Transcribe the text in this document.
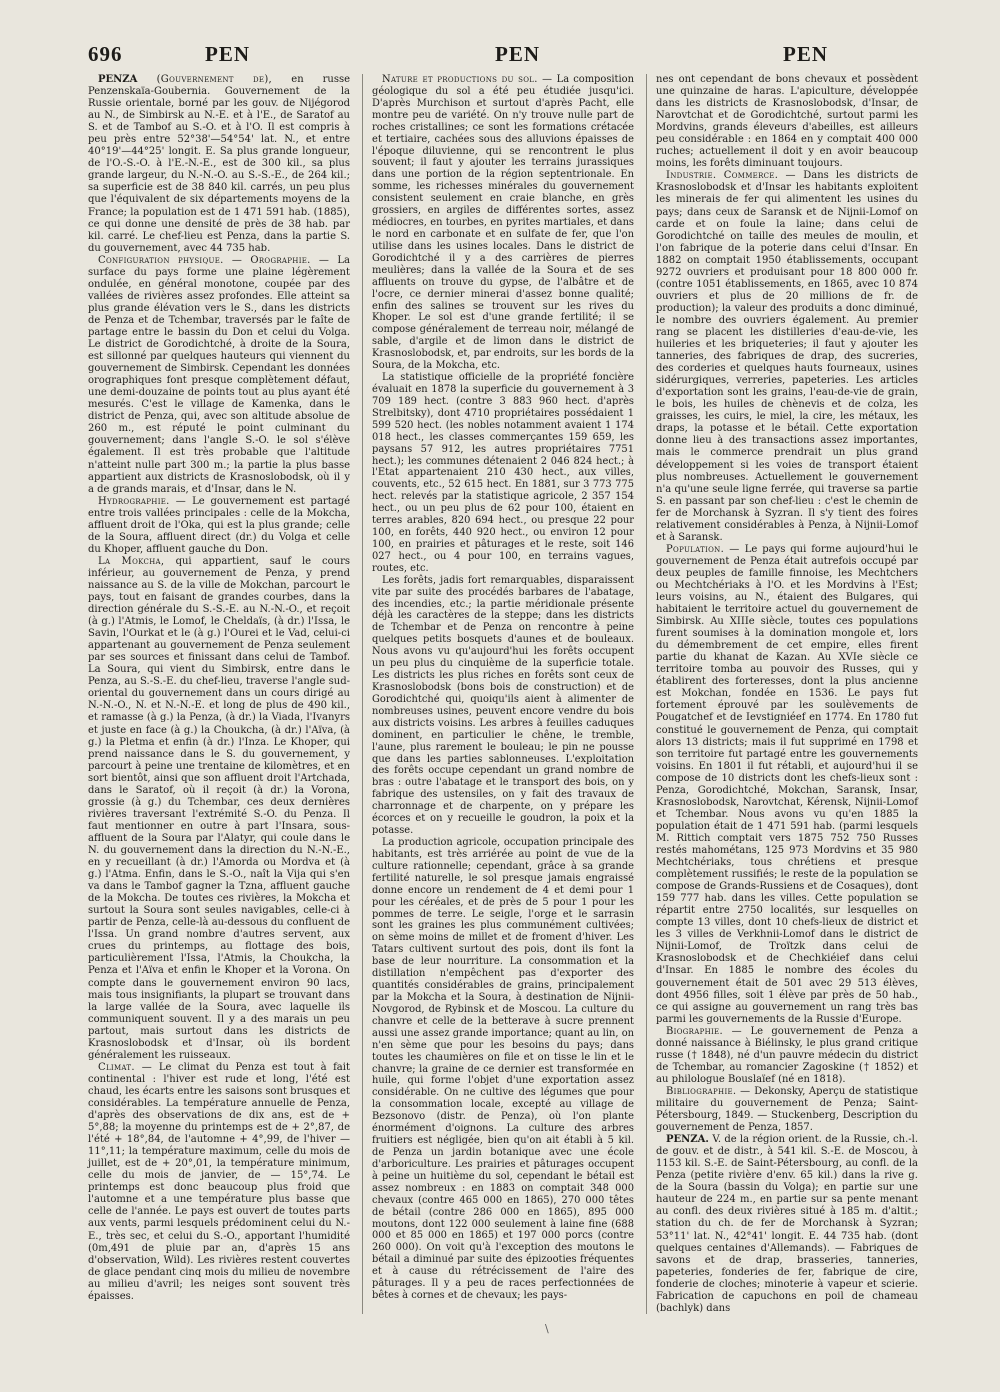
696	PEN	PEN	PEN

PENZA (Gouvernement de), en russe Penzenskaïa-Goubernia. Gouvernement de la Russie orientale, borné par les gouv. de Nijégorod au N., de Simbirsk au N.-E. et à l'E., de Saratof au S. et de Tambof au S.-O. et à l'O. Il est compris à peu près entre 52°38'—54°54' lat. N., et entre 40°19'—44°25' longit. E. Sa plus grande longueur, de l'O.-S.-O. à l'E.-N.-E., est de 300 kil., sa plus grande largeur, du N.-N.-O. au S.-S.-E., de 264 kil.; sa superficie est de 38 840 kil. carrés, un peu plus que l'équivalent de six départements moyens de la France; la population est de 1 471 591 hab. (1885), ce qui donne une densité de près de 38 hab. par kil. carré. Le chef-lieu est Penza, dans la partie S. du gouvernement, avec 44 735 hab.

Configuration physique. — Orographie. — La surface du pays forme une plaine légèrement ondulée, en général monotone, coupée par des vallées de rivières assez profondes. Elle atteint sa plus grande élévation vers le S., dans les districts de Penza et de Tchembar, traversés par le faîte de partage entre le bassin du Don et celui du Volga. Le district de Gorodichtché, à droite de la Soura, est sillonné par quelques hauteurs qui viennent du gouvernement de Simbirsk. Cependant les données orographiques font presque complètement défaut, une demi-douzaine de points tout au plus ayant été mesurés. C'est le village de Kamenka, dans le district de Penza, qui, avec son altitude absolue de 260 m., est réputé le point culminant du gouvernement; dans l'angle S.-O. le sol s'élève également. Il est très probable que l'altitude n'atteint nulle part 300 m.; la partie la plus basse appartient aux districts de Krasnoslobodsk, où il y a de grands marais, et d'Insar, dans le N.

Hydrographie. — Le gouvernement est partagé entre trois vallées principales : celle de la Mokcha, affluent droit de l'Oka, qui est la plus grande; celle de la Soura, affluent direct (dr.) du Volga et celle du Khoper, affluent gauche du Don.

La Mokcha, qui appartient, sauf le cours inférieur, au gouvernement de Penza, y prend naissance au S. de la ville de Mokchan, parcourt le pays, tout en faisant de grandes courbes, dans la direction générale du S.-S.-E. au N.-N.-O., et reçoit (à g.) l'Atmis, le Lomof, le Cheldaïs, (à dr.) l'Issa, le Savin, l'Ourkat et le (à g.) l'Ourei et le Vad, celui-ci appartenant au gouvernement de Penza seulement par ses sources et finissant dans celui de Tambof. La Soura, qui vient du Simbirsk, entre dans le Penza, au S.-S.-E. du chef-lieu, traverse l'angle sud-oriental du gouvernement dans un cours dirigé au N.-N.-O., N. et N.-N.-E. et long de plus de 490 kil., et ramasse (à g.) la Penza, (à dr.) la Viada, l'Ivanyrs et juste en face (à g.) la Choukcha, (à dr.) l'Aïva, (à g.) la Pletma et enfin (à dr.) l'Inza. Le Khoper, qui prend naissance dans le S. du gouvernement, y parcourt à peine une trentaine de kilomètres, et en sort bientôt, ainsi que son affluent droit l'Artchada, dans le Saratof, où il reçoit (à dr.) la Vorona, grossie (à g.) du Tchembar, ces deux dernières rivières traversant l'extrémité S.-O. du Penza. Il faut mentionner en outre à part l'Insara, sous-affluent de la Soura par l'Alatyr, qui coule dans le N. du gouvernement dans la direction du N.-N.-E., en y recueillant (à dr.) l'Amorda ou Mordva et (à g.) l'Atma. Enfin, dans le S.-O., naît la Vija qui s'en va dans le Tambof gagner la Tzna, affluent gauche de la Mokcha. De toutes ces rivières, la Mokcha et surtout la Soura sont seules navigables, celle-ci à partir de Penza, celle-là au-dessous du confluent de l'Issa. Un grand nombre d'autres servent, aux crues du printemps, au flottage des bois, particulièrement l'Issa, l'Atmis, la Choukcha, la Penza et l'Aïva et enfin le Khoper et la Vorona. On compte dans le gouvernement environ 90 lacs, mais tous insignifiants, la plupart se trouvant dans la large vallée de la Soura, avec laquelle ils communiquent souvent. Il y a des marais un peu partout, mais surtout dans les districts de Krasnoslobodsk et d'Insar, où ils bordent généralement les ruisseaux.

Climat. — Le climat du Penza est tout à fait continental : l'hiver est rude et long, l'été est chaud, les écarts entre les saisons sont brusques et considérables. La température annuelle de Penza, d'après des observations de dix ans, est de + 5°,88; la moyenne du printemps est de + 2°,87, de l'été + 18°,84, de l'automne + 4°,99, de l'hiver — 11°,11; la température maximum, celle du mois de juillet, est de + 20°,01, la température minimum, celle du mois de janvier, de — 15°,74. Le printemps est donc beaucoup plus froid que l'automne et a une température plus basse que celle de l'année. Le pays est ouvert de toutes parts aux vents, parmi lesquels prédominent celui du N.-E., très sec, et celui du S.-O., apportant l'humidité (0m,491 de pluie par an, d'après 15 ans d'observation, Wild). Les rivières restent couvertes de glace pendant cinq mois du milieu de novembre au milieu d'avril; les neiges sont souvent très épaisses.

Nature et productions du sol. — La composition géologique du sol a été peu étudiée jusqu'ici. D'après Murchison et surtout d'après Pacht, elle montre peu de variété. On n'y trouve nulle part de roches cristallines; ce sont les formations crétacée et tertiaire, cachées sous des alluvions épaisses de l'époque diluvienne, qui se rencontrent le plus souvent; il faut y ajouter les terrains jurassiques dans une portion de la région septentrionale. En somme, les richesses minérales du gouvernement consistent seulement en craie blanche, en grès grossiers, en argiles de différentes sortes, assez médiocres, en tourbes, en pyrites martiales, et dans le nord en carbonate et en sulfate de fer, que l'on utilise dans les usines locales. Dans le district de Gorodichtché il y a des carrières de pierres meulières; dans la vallée de la Soura et de ses affluents on trouve du gypse, de l'albâtre et de l'ocre, ce dernier minerai d'assez bonne qualité; enfin des salines se trouvent sur les rives du Khoper. Le sol est d'une grande fertilité; il se compose généralement de terreau noir, mélangé de sable, d'argile et de limon dans le district de Krasnoslobodsk, et, par endroits, sur les bords de la Soura, de la Mokcha, etc.

La statistique officielle de la propriété foncière évaluait en 1878 la superficie du gouvernement à 3 709 189 hect. (contre 3 883 960 hect. d'après Strelbitsky), dont 4710 propriétaires possédaient 1 599 520 hect. (les nobles notamment avaient 1 174 018 hect., les classes commerçantes 159 659, les paysans 57 912, les autres propriétaires 7751 hect.); les communes détenaient 2 046 824 hect.; à l'Etat appartenaient 210 430 hect., aux villes, couvents, etc., 52 615 hect. En 1881, sur 3 773 775 hect. relevés par la statistique agricole, 2 357 154 hect., ou un peu plus de 62 pour 100, étaient en terres arables, 820 694 hect., ou presque 22 pour 100, en forêts, 440 920 hect., ou environ 12 pour 100, en prairies et pâturages et le reste, soit 146 027 hect., ou 4 pour 100, en terrains vagues, routes, etc.

Les forêts, jadis fort remarquables, disparaissent vite par suite des procédés barbares de l'abatage, des incendies, etc.; la partie méridionale présente déjà les caractères de la steppe; dans les districts de Tchembar et de Penza on rencontre à peine quelques petits bosquets d'aunes et de bouleaux. Nous avons vu qu'aujourd'hui les forêts occupent un peu plus du cinquième de la superficie totale. Les districts les plus riches en forêts sont ceux de Krasnoslobodsk (bons bois de construction) et de Gorodichtché qui, quoiqu'ils aient à alimenter de nombreuses usines, peuvent encore vendre du bois aux districts voisins. Les arbres à feuilles caduques dominent, en particulier le chêne, le tremble, l'aune, plus rarement le bouleau; le pin ne pousse que dans les parties sablonneuses. L'exploitation des forêts occupe cependant un grand nombre de bras : outre l'abatage et le transport des bois, on y fabrique des ustensiles, on y fait des travaux de charronnage et de charpente, on y prépare les écorces et on y recueille le goudron, la poix et la potasse.

La production agricole, occupation principale des habitants, est très arriérée au point de vue de la culture rationnelle; cependant, grâce à sa grande fertilité naturelle, le sol presque jamais engraissé donne encore un rendement de 4 et demi pour 1 pour les céréales, et de près de 5 pour 1 pour les pommes de terre. Le seigle, l'orge et le sarrasin sont les graines les plus communément cultivées; on sème moins de millet et de froment d'hiver. Les Tatars cultivent surtout des pois, dont ils font la base de leur nourriture. La consommation et la distillation n'empêchent pas d'exporter des quantités considérables de grains, principalement par la Mokcha et la Soura, à destination de Nijnii-Novgorod, de Rybinsk et de Moscou. La culture du chanvre et celle de la betterave à sucre prennent aussi une assez grande importance; quant au lin, on n'en sème que pour les besoins du pays; dans toutes les chaumières on file et on tisse le lin et le chanvre; la graine de ce dernier est transformée en huile, qui forme l'objet d'une exportation assez considérable. On ne cultive des légumes que pour la consommation locale, excepté au village de Bezsonovo (distr. de Penza), où l'on plante énormément d'oignons. La culture des arbres fruitiers est négligée, bien qu'on ait établi à 5 kil. de Penza un jardin botanique avec une école d'arboriculture. Les prairies et pâturages occupent à peine un huitième du sol, cependant le bétail est assez nombreux : en 1883 on comptait 348 000 chevaux (contre 465 000 en 1865), 270 000 têtes de bétail (contre 286 000 en 1865), 895 000 moutons, dont 122 000 seulement à laine fine (688 000 et 85 000 en 1865) et 197 000 porcs (contre 260 000). On voit qu'à l'exception des moutons le bétail a diminué par suite des épizooties fréquentes et à cause du rétrécissement de l'aire des pâturages. Il y a peu de races perfectionnées de bêtes à cornes et de chevaux; les pays-

nes ont cependant de bons chevaux et possèdent une quinzaine de haras. L'apiculture, développée dans les districts de Krasnoslobodsk, d'Insar, de Narovtchat et de Gorodichtché, surtout parmi les Mordvins, grands éleveurs d'abeilles, est ailleurs peu considérable : en 1864 en y comptait 400 000 ruches; actuellement il doit y en avoir beaucoup moins, les forêts diminuant toujours.

Industrie. Commerce. — Dans les districts de Krasnoslobodsk et d'Insar les habitants exploitent les minerais de fer qui alimentent les usines du pays; dans ceux de Saransk et de Nijnii-Lomof on carde et on foule la laine; dans celui de Gorodichtché on taille des meules de moulin, et l'on fabrique de la poterie dans celui d'Insar. En 1882 on comptait 1950 établissements, occupant 9272 ouvriers et produisant pour 18 800 000 fr. (contre 1051 établissements, en 1865, avec 10 874 ouvriers et plus de 20 millions de fr. de production); la valeur des produits a donc diminué, le nombre des ouvriers également. Au premier rang se placent les distilleries d'eau-de-vie, les huileries et les briqueteries; il faut y ajouter les tanneries, des fabriques de drap, des sucreries, des corderies et quelques hauts fourneaux, usines sidérurgiques, verreries, papeteries. Les articles d'exportation sont les grains, l'eau-de-vie de grain, le bois, les huiles de chènevis et de colza, les graisses, les cuirs, le miel, la cire, les métaux, les draps, la potasse et le bétail. Cette exportation donne lieu à des transactions assez importantes, mais le commerce prendrait un plus grand développement si les voies de transport étaient plus nombreuses. Actuellement le gouvernement n'a qu'une seule ligne ferrée, qui traverse sa partie S. en passant par son chef-lieu : c'est le chemin de fer de Morchansk à Syzran. Il s'y tient des foires relativement considérables à Penza, à Nijnii-Lomof et à Saransk.

Population. — Le pays qui forme aujourd'hui le gouvernement de Penza était autrefois occupé par deux peuples de famille finnoise, les Mechtchers ou Mechtchériaks à l'O. et les Mordvins à l'Est; leurs voisins, au N., étaient des Bulgares, qui habitaient le territoire actuel du gouvernement de Simbirsk. Au XIIIe siècle, toutes ces populations furent soumises à la domination mongole et, lors du démembrement de cet empire, elles firent partie du khanat de Kazan. Au XVIe siècle ce territoire tomba au pouvoir des Russes, qui y établirent des forteresses, dont la plus ancienne est Mokchan, fondée en 1536. Le pays fut fortement éprouvé par les soulèvements de Pougatchef et de Ievstigniéef en 1774. En 1780 fut constitué le gouvernement de Penza, qui comptait alors 13 districts; mais il fut supprimé en 1798 et son territoire fut partagé entre les gouvernements voisins. En 1801 il fut rétabli, et aujourd'hui il se compose de 10 districts dont les chefs-lieux sont : Penza, Gorodichtché, Mokchan, Saransk, Insar, Krasnoslobodsk, Narovtchat, Kérensk, Nijnii-Lomof et Tchembar. Nous avons vu qu'en 1885 la population était de 1 471 591 hab. (parmi lesquels M. Rittich comptait vers 1875 752 750 Russes restés mahométans, 125 973 Mordvins et 35 980 Mechtchériaks, tous chrétiens et presque complètement russifiés; le reste de la population se compose de Grands-Russiens et de Cosaques), dont 159 777 hab. dans les villes. Cette population se répartit entre 2750 localités, sur lesquelles on compte 13 villes, dont 10 chefs-lieux de district et les 3 villes de Verkhnii-Lomof dans le district de Nijnii-Lomof, de Troïtzk dans celui de Krasnoslobodsk et de Chechkiéief dans celui d'Insar. En 1885 le nombre des écoles du gouvernement était de 501 avec 29 513 élèves, dont 4956 filles, soit 1 élève par près de 50 hab., ce qui assigne au gouvernement un rang très bas parmi les gouvernements de la Russie d'Europe.

Biographie. — Le gouvernement de Penza a donné naissance à Biélinsky, le plus grand critique russe († 1848), né d'un pauvre médecin du district de Tchembar, au romancier Zagoskine († 1852) et au philologue Bouslaïef (né en 1818).

Bibliographie. — Dekonsky, Aperçu de statistique militaire du gouvernement de Penza; Saint-Pétersbourg, 1849. — Stuckenberg, Description du gouvernement de Penza, 1857.

PENZA. V. de la région orient. de la Russie, ch.-l. de gouv. et de distr., à 541 kil. S.-E. de Moscou, à 1153 kil. S.-E. de Saint-Pétersbourg, au confl. de la Penza (petite rivière d'env. 65 kil.) dans la rive g. de la Soura (bassin du Volga); en partie sur une hauteur de 224 m., en partie sur sa pente menant au confl. des deux rivières situé à 185 m. d'altit.; station du ch. de fer de Morchansk à Syzran; 53°11' lat. N., 42°41' longit. E. 44 735 hab. (dont quelques centaines d'Allemands). — Fabriques de savons et de drap, brasseries, tanneries, papeteries, fonderies de fer, fabrique de cire, fonderie de cloches; minoterie à vapeur et scierie. Fabrication de capuchons en poil de chameau (bachlyk) dans

\
